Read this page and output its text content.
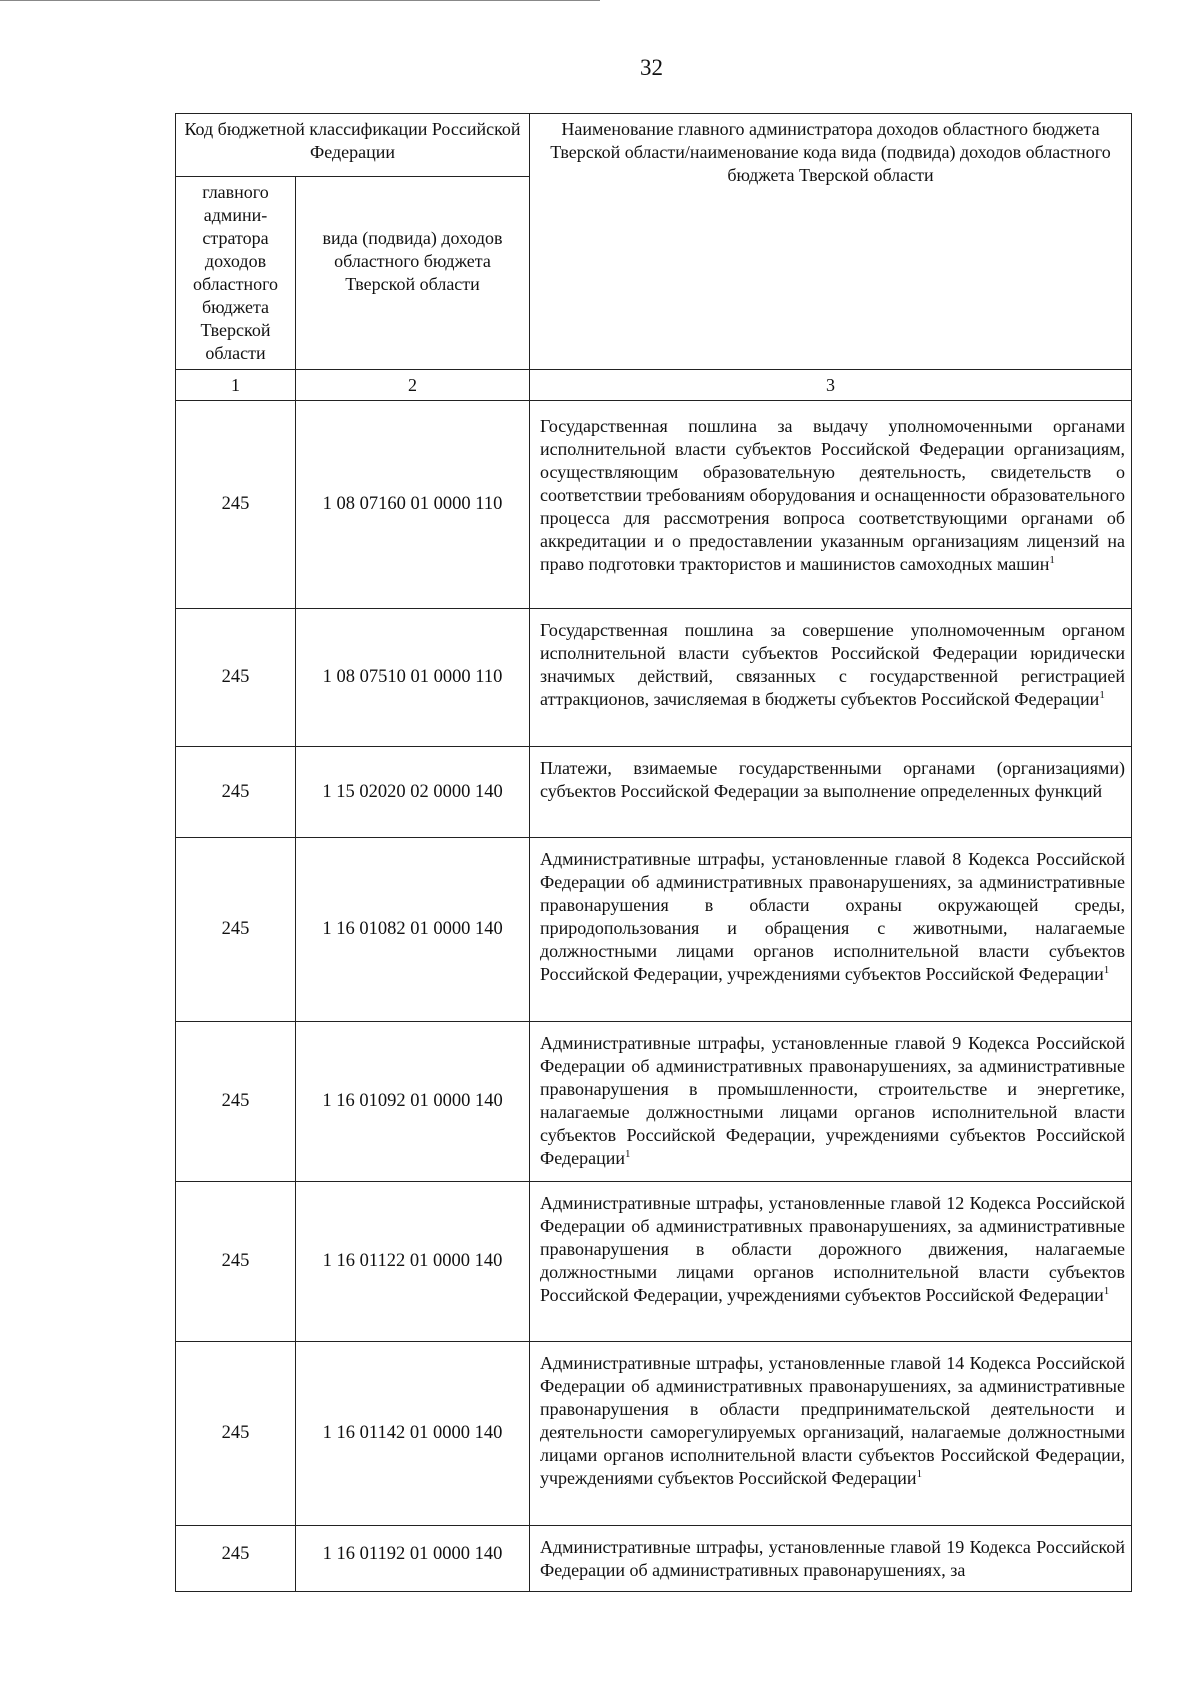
32
Код бюджетной классификации Российской Федерации		Наименование главного администратора доходов областного бюджета Тверской области/наименование кода вида (подвида) доходов областного бюджета Тверской области
главного админи-стратора доходов областного бюджета Тверской области	вида (подвида) доходов областного бюджета Тверской области	
1	2	3
245	1 08 07160 01 0000 110	Государственная пошлина за выдачу уполномоченными органами исполнительной власти субъектов Российской Федерации организациям, осуществляющим образовательную деятельность, свидетельств о соответствии требованиям оборудования и оснащенности образовательного процесса для рассмотрения вопроса соответствующими органами об аккредитации и о предоставлении указанным организациям лицензий на право подготовки трактористов и машинистов самоходных машин$^1$
245	1 08 07510 01 0000 110	Государственная пошлина за совершение уполномоченным органом исполнительной власти субъектов Российской Федерации юридически значимых действий, связанных с государственной регистрацией аттракционов, зачисляемая в бюджеты субъектов Российской Федерации$^1$
245	1 15 02020 02 0000 140	Платежи, взимаемые государственными органами (организациями) субъектов Российской Федерации за выполнение определенных функций
245	1 16 01082 01 0000 140	Административные штрафы, установленные главой 8 Кодекса Российской Федерации об административных правонарушениях, за административные правонарушения в области охраны окружающей среды, природопользования и обращения с животными, налагаемые должностными лицами органов исполнительной власти субъектов Российской Федерации, учреждениями субъектов Российской Федерации$^1$
245	1 16 01092 01 0000 140	Административные штрафы, установленные главой 9 Кодекса Российской Федерации об административных правонарушениях, за административные правонарушения в промышленности, строительстве и энергетике, налагаемые должностными лицами органов исполнительной власти субъектов Российской Федерации, учреждениями субъектов Российской Федерации$^1$
245	1 16 01122 01 0000 140	Административные штрафы, установленные главой 12 Кодекса Российской Федерации об административных правонарушениях, за административные правонарушения в области дорожного движения, налагаемые должностными лицами органов исполнительной власти субъектов Российской Федерации, учреждениями субъектов Российской Федерации$^1$
245	1 16 01142 01 0000 140	Административные штрафы, установленные главой 14 Кодекса Российской Федерации об административных правонарушениях, за административные правонарушения в области предпринимательской деятельности и деятельности саморегулируемых организаций, налагаемые должностными лицами органов исполнительной власти субъектов Российской Федерации, учреждениями субъектов Российской Федерации$^1$
245	1 16 01192 01 0000 140	Административные штрафы, установленные главой 19 Кодекса Российской Федерации об административных правонарушениях, за
